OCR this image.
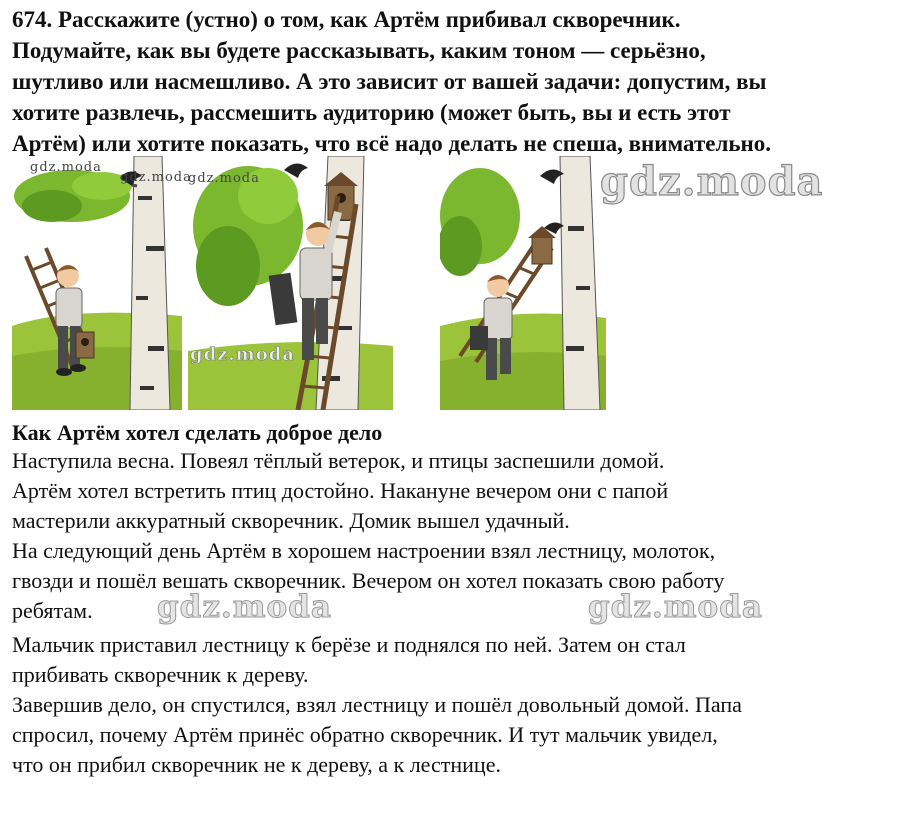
674. Расскажите (устно) о том, как Артём прибивал скворечник.
Подумайте, как вы будете рассказывать, каким тоном — серьёзно,
шутливо или насмешливо. А это зависит от вашей задачи: допустим, вы
хотите развлечь, рассмешить аудиторию (может быть, вы и есть этот
Артём) или хотите показать, что всё надо делать не спеша, внимательно.
gdz.moda
gdz.moda
gdz.moda
gdz.moda
gdz.moda
gdz.moda	gdz.moda
Как Артём хотел сделать доброе дело
Наступила весна. Повеял тёплый ветерок, и птицы заспешили домой.
Артём хотел встретить птиц достойно. Накануне вечером они с папой
мастерили аккуратный скворечник. Домик вышел удачный.
На следующий день Артём в хорошем настроении взял лестницу, молоток,
гвозди и пошёл вешать скворечник. Вечером он хотел показать свою работу
ребятам.
Мальчик приставил лестницу к берёзе и поднялся по ней. Затем он стал
прибивать скворечник к дереву.
Завершив дело, он спустился, взял лестницу и пошёл довольный домой. Папа
спросил, почему Артём принёс обратно скворечник. И тут мальчик увидел,
что он прибил скворечник не к дереву, а к лестнице.
